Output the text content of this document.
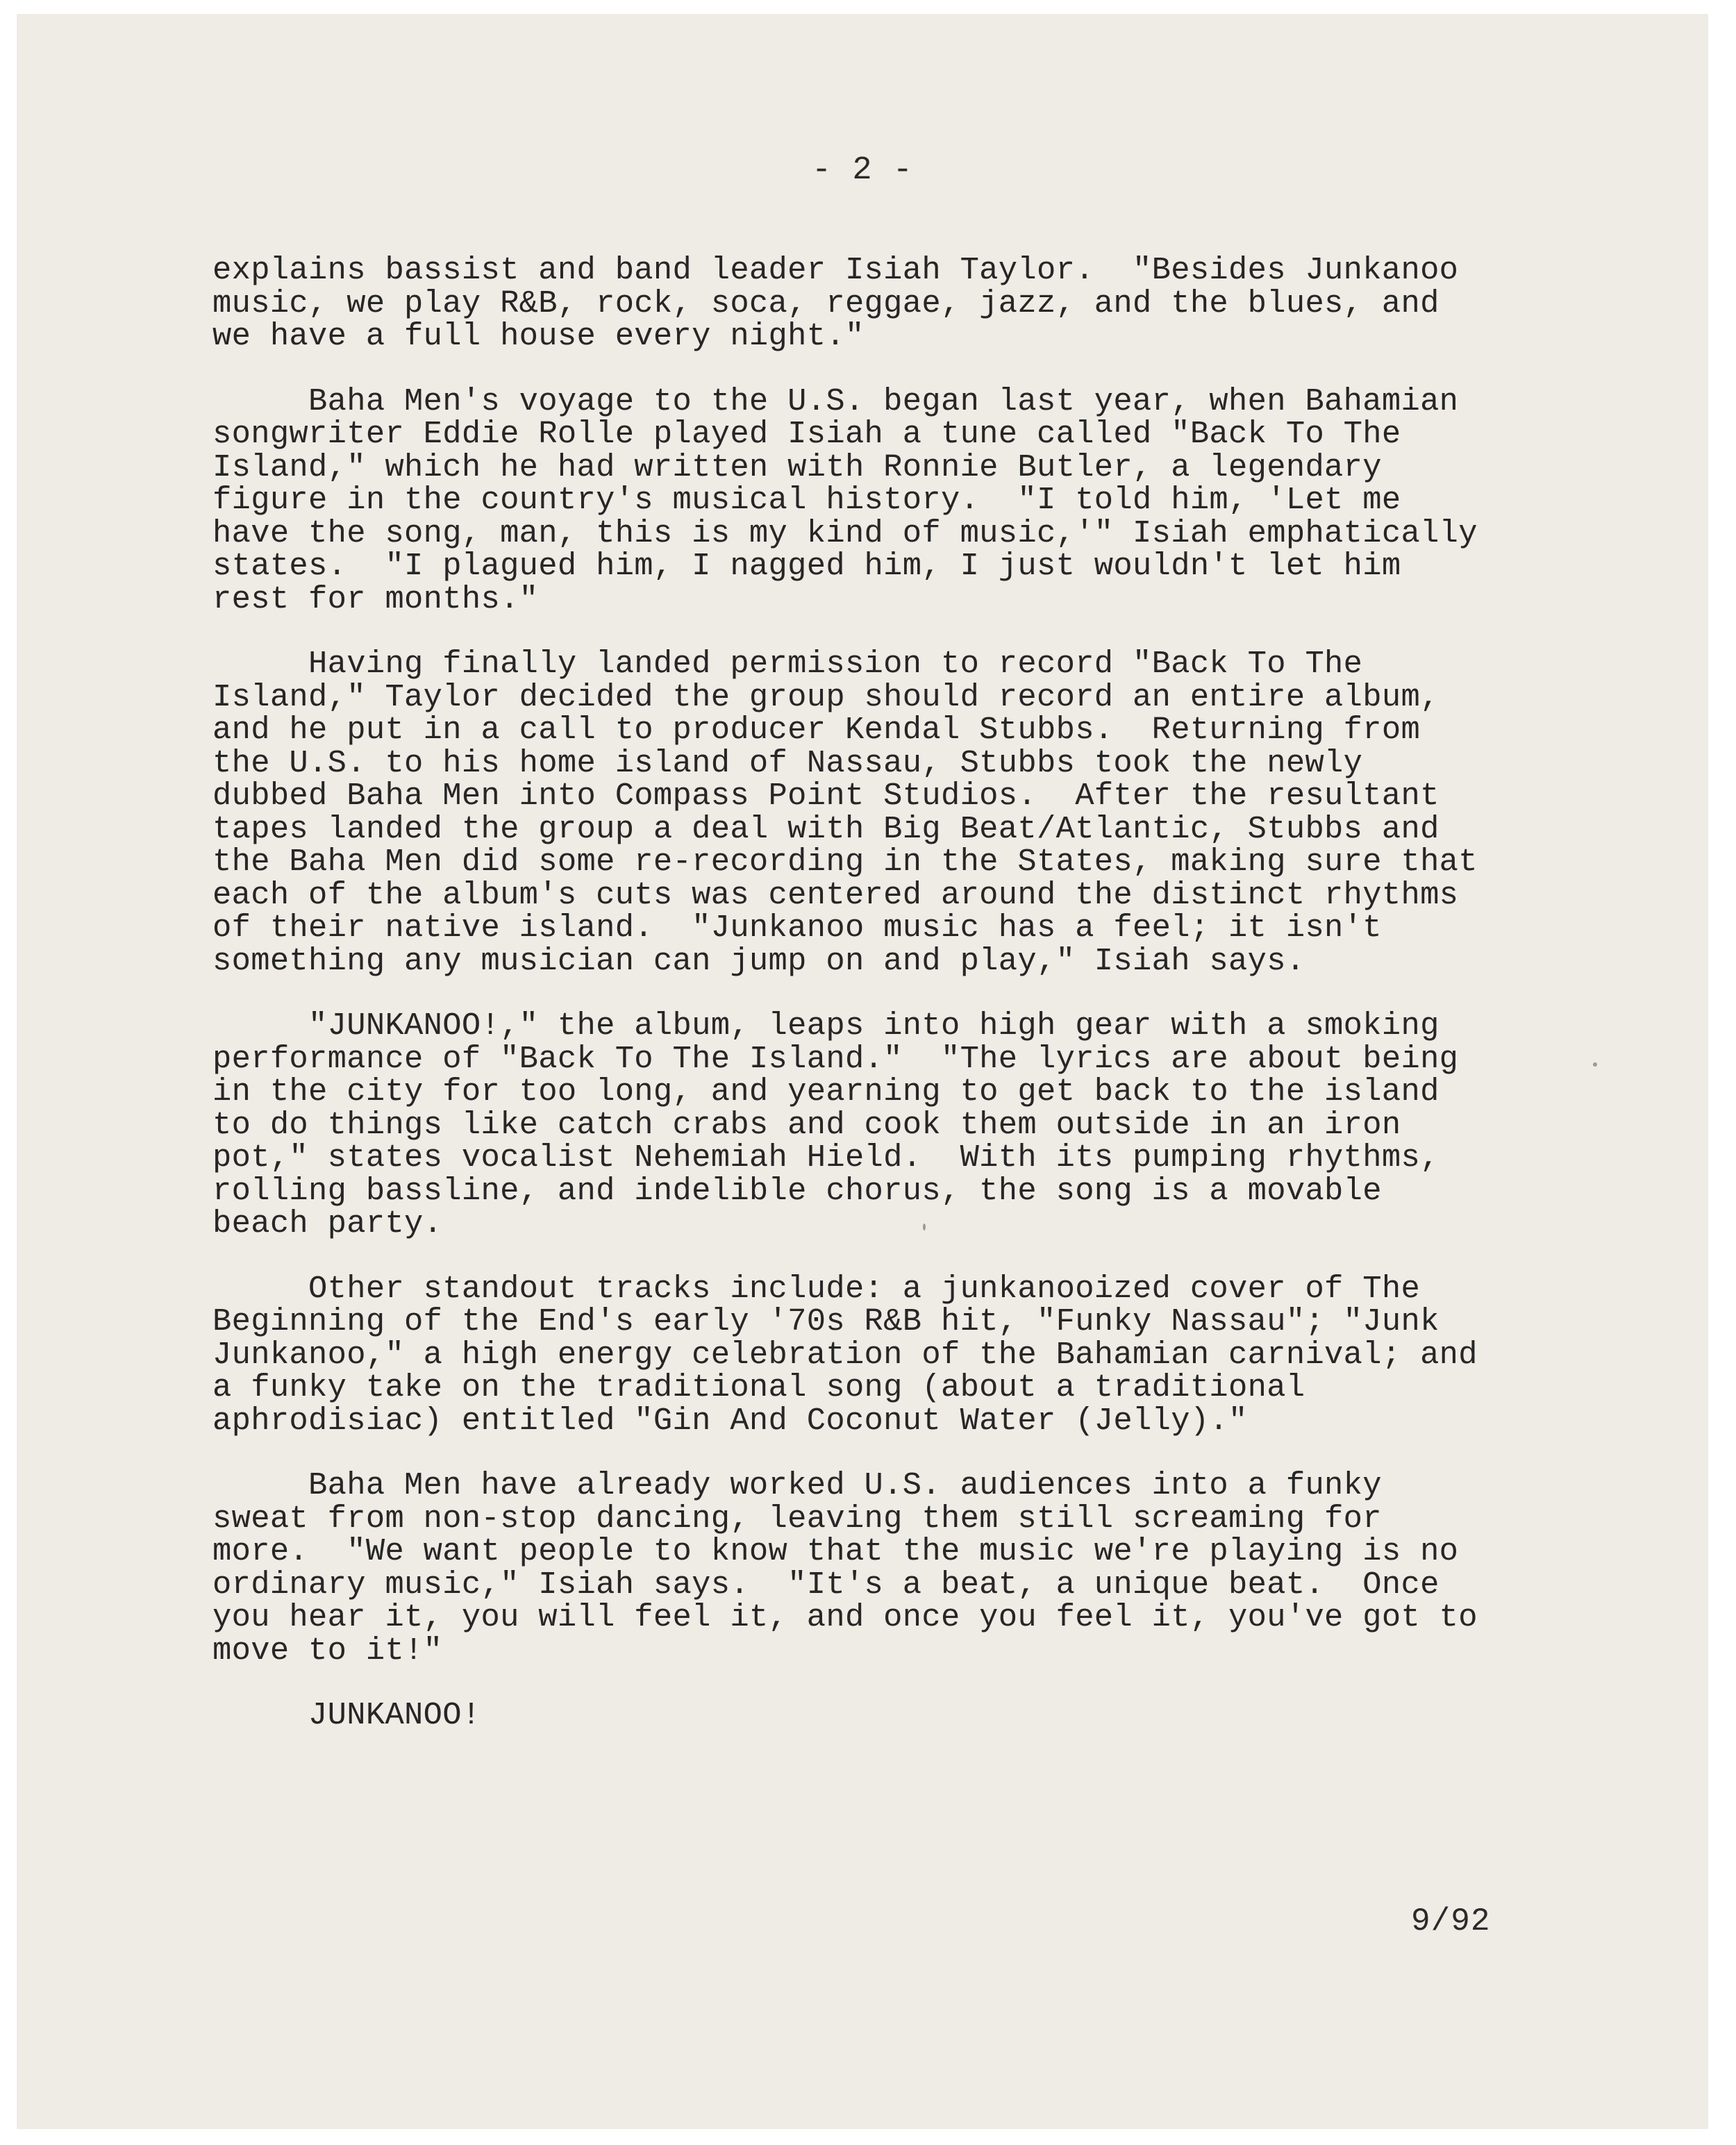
- 2 -

explains bassist and band leader Isiah Taylor.  "Besides Junkanoo
music, we play R&B, rock, soca, reggae, jazz, and the blues, and
we have a full house every night."

Baha Men's voyage to the U.S. began last year, when Bahamian
songwriter Eddie Rolle played Isiah a tune called "Back To The
Island," which he had written with Ronnie Butler, a legendary
figure in the country's musical history.  "I told him, 'Let me
have the song, man, this is my kind of music,'" Isiah emphatically
states.  "I plagued him, I nagged him, I just wouldn't let him
rest for months."

Having finally landed permission to record "Back To The
Island," Taylor decided the group should record an entire album,
and he put in a call to producer Kendal Stubbs.  Returning from
the U.S. to his home island of Nassau, Stubbs took the newly
dubbed Baha Men into Compass Point Studios.  After the resultant
tapes landed the group a deal with Big Beat/Atlantic, Stubbs and
the Baha Men did some re-recording in the States, making sure that
each of the album's cuts was centered around the distinct rhythms
of their native island.  "Junkanoo music has a feel; it isn't
something any musician can jump on and play," Isiah says.

"JUNKANOO!," the album, leaps into high gear with a smoking
performance of "Back To The Island."  "The lyrics are about being
in the city for too long, and yearning to get back to the island
to do things like catch crabs and cook them outside in an iron
pot," states vocalist Nehemiah Hield.  With its pumping rhythms,
rolling bassline, and indelible chorus, the song is a movable
beach party.

Other standout tracks include: a junkanooized cover of The
Beginning of the End's early '70s R&B hit, "Funky Nassau"; "Junk
Junkanoo," a high energy celebration of the Bahamian carnival; and
a funky take on the traditional song (about a traditional
aphrodisiac) entitled "Gin And Coconut Water (Jelly)."

Baha Men have already worked U.S. audiences into a funky
sweat from non-stop dancing, leaving them still screaming for
more.  "We want people to know that the music we're playing is no
ordinary music," Isiah says.  "It's a beat, a unique beat.  Once
you hear it, you will feel it, and once you feel it, you've got to
move to it!"

JUNKANOO!

9/92
